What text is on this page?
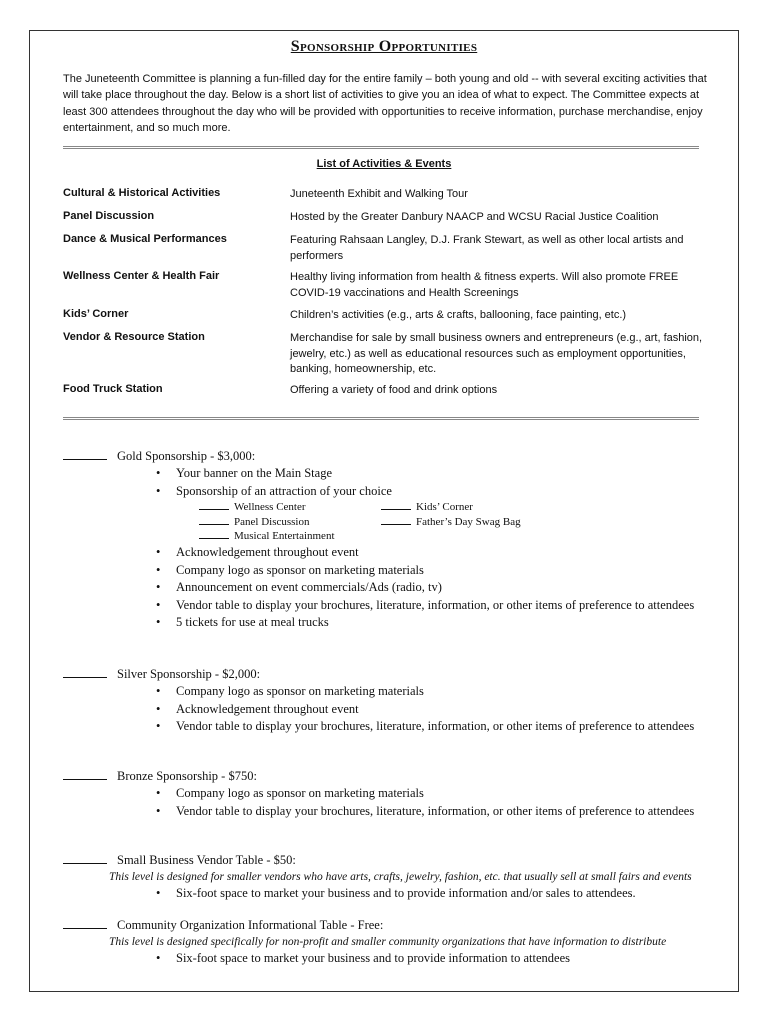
Sponsorship Opportunities
The Juneteenth Committee is planning a fun-filled day for the entire family – both young and old -- with several exciting activities that will take place throughout the day. Below is a short list of activities to give you an idea of what to expect. The Committee expects at least 300 attendees throughout the day who will be provided with opportunities to receive information, purchase merchandise, enjoy entertainment, and so much more.
List of Activities & Events
Cultural & Historical Activities	Juneteenth Exhibit and Walking Tour
Panel Discussion	Hosted by the Greater Danbury NAACP and WCSU Racial Justice Coalition
Dance & Musical Performances	Featuring Rahsaan Langley, D.J. Frank Stewart, as well as other local artists and performers
Wellness Center & Health Fair	Healthy living information from health & fitness experts. Will also promote FREE COVID-19 vaccinations and Health Screenings
Kids’ Corner	Children’s activities (e.g., arts & crafts, ballooning, face painting, etc.)
Vendor & Resource Station	Merchandise for sale by small business owners and entrepreneurs (e.g., art, fashion, jewelry, etc.) as well as educational resources such as employment opportunities, banking, homeownership, etc.
Food Truck Station	Offering a variety of food and drink options
Gold Sponsorship - $3,000:
• Your banner on the Main Stage
• Sponsorship of an attraction of your choice
Wellness Center
Panel Discussion
Musical Entertainment
Kids’ Corner
Father’s Day Swag Bag
• Acknowledgement throughout event
• Company logo as sponsor on marketing materials
• Announcement on event commercials/Ads (radio, tv)
• Vendor table to display your brochures, literature, information, or other items of preference to attendees
• 5 tickets for use at meal trucks
Silver Sponsorship - $2,000:
• Company logo as sponsor on marketing materials
• Acknowledgement throughout event
• Vendor table to display your brochures, literature, information, or other items of preference to attendees
Bronze Sponsorship - $750:
• Company logo as sponsor on marketing materials
• Vendor table to display your brochures, literature, information, or other items of preference to attendees
Small Business Vendor Table - $50:
This level is designed for smaller vendors who have arts, crafts, jewelry, fashion, etc. that usually sell at small fairs and events
• Six-foot space to market your business and to provide information and/or sales to attendees.
Community Organization Informational Table - Free:
This level is designed specifically for non-profit and smaller community organizations that have information to distribute
• Six-foot space to market your business and to provide information to attendees
